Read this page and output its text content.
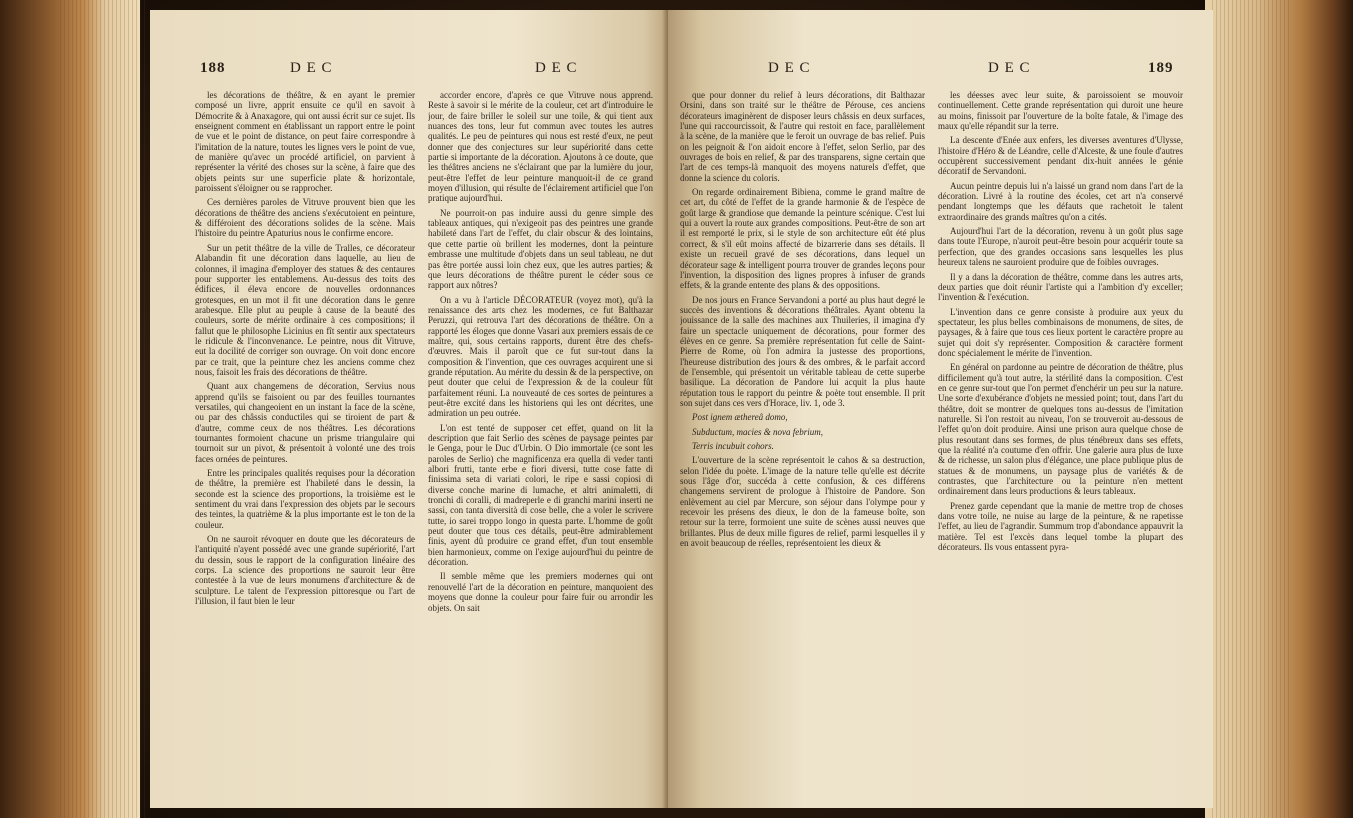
188	D E C	D E C

les décorations de théâtre, & en ayant le premier composé un livre, apprit ensuite ce qu'il en savoit à Démocrite & à Anaxagore, qui ont aussi écrit sur ce sujet. Ils enseignent comment en établissant un rapport entre le point de vue et le point de distance, on peut faire correspondre à l'imitation de la nature, toutes les lignes vers le point de vue, de manière qu'avec un procédé artificiel, on parvient à représenter la vérité des choses sur la scène, à faire que des objets peints sur une superficie plate & horizontale, paroissent s'éloigner ou se rapprocher.

Ces dernières paroles de Vitruve prouvent bien que les décorations de théâtre des anciens s'exécutoient en peinture, & différoient des décorations solides de la scène. Mais l'histoire du peintre Apaturius nous le confirme encore.

Sur un petit théâtre de la ville de Tralles, ce décorateur Alabandin fit une décoration dans laquelle, au lieu de colonnes, il imagina d'employer des statues & des centaures pour supporter les entablemens. Au-dessus des toits des édifices, il éleva encore de nouvelles ordonnances grotesques, en un mot il fit une décoration dans le genre arabesque. Elle plut au peuple à cause de la beauté des couleurs, sorte de mérite ordinaire à ces compositions; il fallut que le philosophe Licinius en fît sentir aux spectateurs le ridicule & l'inconvenance. Le peintre, nous dit Vitruve, eut la docilité de corriger son ouvrage. On voit donc encore par ce trait, que la peinture chez les anciens comme chez nous, faisoit les frais des décorations de théâtre.

Quant aux changemens de décoration, Servius nous apprend qu'ils se faisoient ou par des feuilles tournantes versatiles, qui changeoient en un instant la face de la scène, ou par des châssis conductiles qui se tiroient de part & d'autre, comme ceux de nos théâtres. Les décorations tournantes formoient chacune un prisme triangulaire qui tournoit sur un pivot, & présentoit à volonté une des trois faces ornées de peintures.

Entre les principales qualités requises pour la décoration de théâtre, la première est l'habileté dans le dessin, la seconde est la science des proportions, la troisième est le sentiment du vrai dans l'expression des objets par le secours des teintes, la quatrième & la plus importante est le ton de la couleur.

On ne sauroit révoquer en doute que les décorateurs de l'antiquité n'ayent possédé avec une grande supériorité, l'art du dessin, sous le rapport de la configuration linéaire des corps. La science des proportions ne sauroit leur être contestée à la vue de leurs monumens d'architecture & de sculpture. Le talent de l'expression pittoresque ou l'art de l'illusion, il faut bien le leur

accorder encore, d'après ce que Vitruve nous apprend. Reste à savoir si le mérite de la couleur, cet art d'introduire le jour, de faire briller le soleil sur une toile, & qui tient aux nuances des tons, leur fut commun avec toutes les autres qualités. Le peu de peintures qui nous est resté d'eux, ne peut donner que des conjectures sur leur supériorité dans cette partie si importante de la décoration. Ajoutons à ce doute, que les théâtres anciens ne s'éclairant que par la lumière du jour, peut-être l'effet de leur peinture manquoit-il de ce grand moyen d'illusion, qui résulte de l'éclairement artificiel que l'on pratique aujourd'hui.

Ne pourroit-on pas induire aussi du genre simple des tableaux antiques, qui n'exigeoit pas des peintres une grande habileté dans l'art de l'effet, du clair obscur & des lointains, que cette partie où brillent les modernes, dont la peinture embrasse une multitude d'objets dans un seul tableau, ne dut pas être portée aussi loin chez eux, que les autres parties; & que leurs décorations de théâtre purent le céder sous ce rapport aux nôtres?

On a vu à l'article DÉCORATEUR (voyez mot), qu'à la renaissance des arts chez les modernes, ce fut Balthazar Peruzzi, qui retrouva l'art des décorations de théâtre. On a rapporté les éloges que donne Vasari aux premiers essais de ce maître, qui, sous certains rapports, durent être des chefs-d'œuvres. Mais il paroît que ce fut sur-tout dans la composition & l'invention, que ces ouvrages acquirent une si grande réputation. Au mérite du dessin & de la perspective, on peut douter que celui de l'expression & de la couleur fût parfaitement réuni. La nouveauté de ces sortes de peintures a peut-être excité dans les historiens qui les ont décrites, une admiration un peu outrée.

L'on est tenté de supposer cet effet, quand on lit la description que fait Serlio des scènes de paysage peintes par le Genga, pour le Duc d'Urbin. O Dio immortale (ce sont les paroles de Serlio) che magnificenza era quella di veder tanti albori frutti, tante erbe e fiori diversi, tutte cose fatte di finissima seta di variati colori, le ripe e sassi copiosi di diverse conche marine di lumache, et altri animaletti, di tronchi di coralli, di madreperle e di granchi marini inserti ne sassi, con tanta diversità di cose belle, che a voler le scrivere tutte, io sarei troppo longo in questa parte. L'homme de goût peut douter que tous ces détails, peut-être admirablement finis, ayent dû produire ce grand effet, d'un tout ensemble bien harmonieux, comme on l'exige aujourd'hui du peintre de décoration.

Il semble même que les premiers modernes qui ont renouvellé l'art de la décoration en peinture, manquoient des moyens que donne la couleur pour faire fuir ou arrondir les objets. On sait

D E C	D E C	189

que pour donner du relief à leurs décorations, dit Balthazar Orsini, dans son traité sur le théâtre de Pérouse, ces anciens décorateurs imaginèrent de disposer leurs châssis en deux surfaces, l'une qui raccourcissoit, & l'autre qui restoit en face, parallèlement à la scène, de la manière que le feroit un ouvrage de bas relief. Puis on les peignoit & l'on aidoit encore à l'effet, selon Serlio, par des ouvrages de bois en relief, & par des transparens, signe certain que l'art de ces temps-là manquoit des moyens naturels d'effet, que donne la science du coloris.

On regarde ordinairement Bibiena, comme le grand maître de cet art, du côté de l'effet de la grande harmonie & de l'espèce de goût large & grandiose que demande la peinture scénique. C'est lui qui a ouvert la route aux grandes compositions. Peut-être de son art il est remporté le prix, si le style de son architecture eût été plus correct, & s'il eût moins affecté de bizarrerie dans ses détails. Il existe un recueil gravé de ses décorations, dans lequel un décorateur sage & intelligent pourra trouver de grandes leçons pour l'invention, la disposition des lignes propres à infuser de grands effets, & la grande entente des plans & des oppositions.

De nos jours en France Servandoni a porté au plus haut degré le succès des inventions & décorations théâtrales. Ayant obtenu la jouissance de la salle des machines aux Thuileries, il imagina d'y faire un spectacle uniquement de décorations, pour former des élèves en ce genre. Sa première représentation fut celle de Saint-Pierre de Rome, où l'on admira la justesse des proportions, l'heureuse distribution des jours & des ombres, & le parfait accord de l'ensemble, qui présentoit un véritable tableau de cette superbe basilique. La décoration de Pandore lui acquit la plus haute réputation tous le rapport du peintre & poète tout ensemble. Il prit son sujet dans ces vers d'Horace, liv. 1, ode 3.

Post ignem æthereâ domo,

Subductum, macies & nova febrium,

Terris incubuit cohors.

L'ouverture de la scène représentoit le cahos & sa destruction, selon l'idée du poète. L'image de la nature telle qu'elle est décrite sous l'âge d'or, succéda à cette confusion, & ces différens changemens servirent de prologue à l'histoire de Pandore. Son enlèvement au ciel par Mercure, son séjour dans l'olympe pour y recevoir les présens des dieux, le don de la fameuse boîte, son retour sur la terre, formoient une suite de scènes aussi neuves que brillantes. Plus de deux mille figures de relief, parmi lesquelles il y en avoit beaucoup de réelles, représentoient les dieux &

les déesses avec leur suite, & paroissoient se mouvoir continuellement. Cette grande représentation qui duroit une heure au moins, finissoit par l'ouverture de la boîte fatale, & l'image des maux qu'elle répandit sur la terre.

La descente d'Enée aux enfers, les diverses aventures d'Ulysse, l'histoire d'Héro & de Léandre, celle d'Alceste, & une foule d'autres occupèrent successivement pendant dix-huit années le génie décoratif de Servandoni.

Aucun peintre depuis lui n'a laissé un grand nom dans l'art de la décoration. Livré à la routine des écoles, cet art n'a conservé pendant longtemps que les défauts que rachetoit le talent extraordinaire des grands maîtres qu'on a cités.

Aujourd'hui l'art de la décoration, revenu à un goût plus sage dans toute l'Europe, n'auroit peut-être besoin pour acquérir toute sa perfection, que des grandes occasions sans lesquelles les plus heureux talens ne sauroient produire que de foibles ouvrages.

Il y a dans la décoration de théâtre, comme dans les autres arts, deux parties que doit réunir l'artiste qui a l'ambition d'y exceller; l'invention & l'exécution.

L'invention dans ce genre consiste à produire aux yeux du spectateur, les plus belles combinaisons de monumens, de sites, de paysages, & à faire que tous ces lieux portent le caractère propre au sujet qui doit s'y représenter. Composition & caractère forment donc spécialement le mérite de l'invention.

En général on pardonne au peintre de décoration de théâtre, plus difficilement qu'à tout autre, la stérilité dans la composition. C'est en ce genre sur-tout que l'on permet d'enchérir un peu sur la nature. Une sorte d'exubérance d'objets ne messied point; tout, dans l'art du théâtre, doit se montrer de quelques tons au-dessus de l'imitation naturelle. Si l'on restoit au niveau, l'on se trouveroit au-dessous de l'effet qu'on doit produire. Ainsi une prison aura quelque chose de plus resoutant dans ses formes, de plus ténébreux dans ses effets, que la réalité n'a coutume d'en offrir. Une galerie aura plus de luxe & de richesse, un salon plus d'élégance, une place publique plus de statues & de monumens, un paysage plus de variétés & de contrastes, que l'architecture ou la peinture n'en mettent ordinairement dans leurs productions & leurs tableaux.

Prenez garde cependant que la manie de mettre trop de choses dans votre toile, ne nuise au large de la peinture, & ne rapetisse l'effet, au lieu de l'agrandir. Summum trop d'abondance appauvrit la matière. Tel est l'excès dans lequel tombe la plupart des décorateurs. Ils vous entassent pyra-
